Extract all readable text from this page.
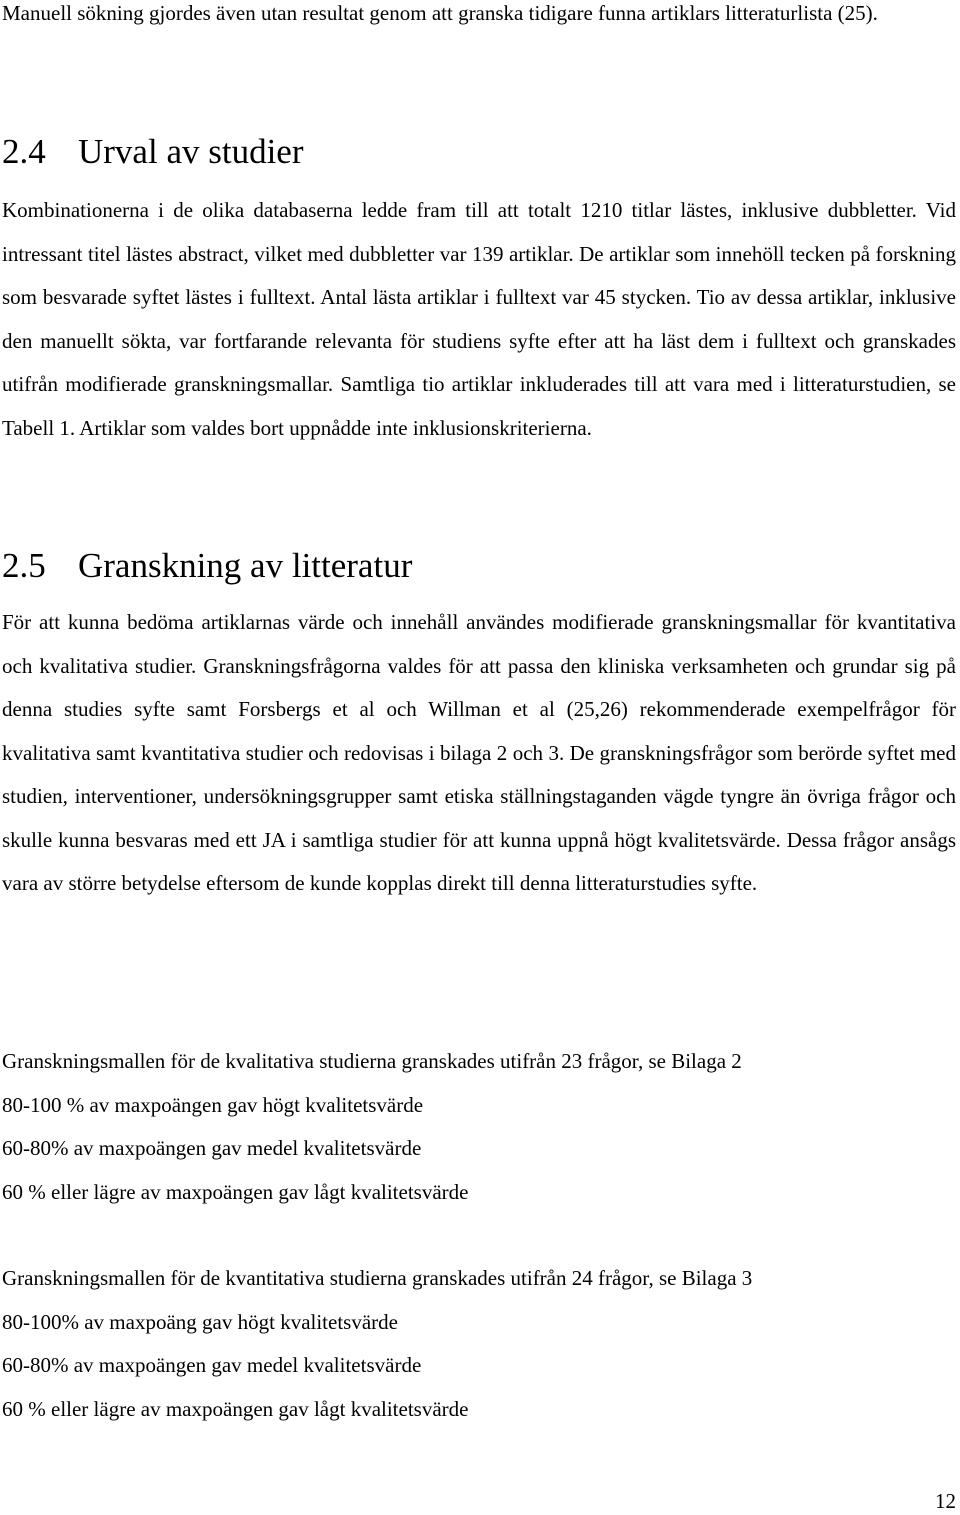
Manuell sökning gjordes även utan resultat genom att granska tidigare funna artiklars litteraturlista (25).

2.4 Urval av studier

Kombinationerna i de olika databaserna ledde fram till att totalt 1210 titlar lästes, inklusive dubbletter. Vid intressant titel lästes abstract, vilket med dubbletter var 139 artiklar. De artiklar som innehöll tecken på forskning som besvarade syftet lästes i fulltext. Antal lästa artiklar i fulltext var 45 stycken. Tio av dessa artiklar, inklusive den manuellt sökta, var fortfarande relevanta för studiens syfte efter att ha läst dem i fulltext och granskades utifrån modifierade granskningsmallar. Samtliga tio artiklar inkluderades till att vara med i litteraturstudien, se Tabell 1. Artiklar som valdes bort uppnådde inte inklusionskriterierna.

2.5 Granskning av litteratur

För att kunna bedöma artiklarnas värde och innehåll användes modifierade granskningsmallar för kvantitativa och kvalitativa studier. Granskningsfrågorna valdes för att passa den kliniska verksamheten och grundar sig på denna studies syfte samt Forsbergs et al och Willman et al (25,26) rekommenderade exempelfrågor för kvalitativa samt kvantitativa studier och redovisas i bilaga 2 och 3. De granskningsfrågor som berörde syftet med studien, interventioner, undersökningsgrupper samt etiska ställningstaganden vägde tyngre än övriga frågor och skulle kunna besvaras med ett JA i samtliga studier för att kunna uppnå högt kvalitetsvärde. Dessa frågor ansågs vara av större betydelse eftersom de kunde kopplas direkt till denna litteraturstudies syfte.

Granskningsmallen för de kvalitativa studierna granskades utifrån 23 frågor, se Bilaga 2
80-100 % av maxpoängen gav högt kvalitetsvärde
60-80% av maxpoängen gav medel kvalitetsvärde
60 % eller lägre av maxpoängen gav lågt kvalitetsvärde
Granskningsmallen för de kvantitativa studierna granskades utifrån 24 frågor, se Bilaga 3
80-100% av maxpoäng gav högt kvalitetsvärde
60-80% av maxpoängen gav medel kvalitetsvärde
60 % eller lägre av maxpoängen gav lågt kvalitetsvärde
12
